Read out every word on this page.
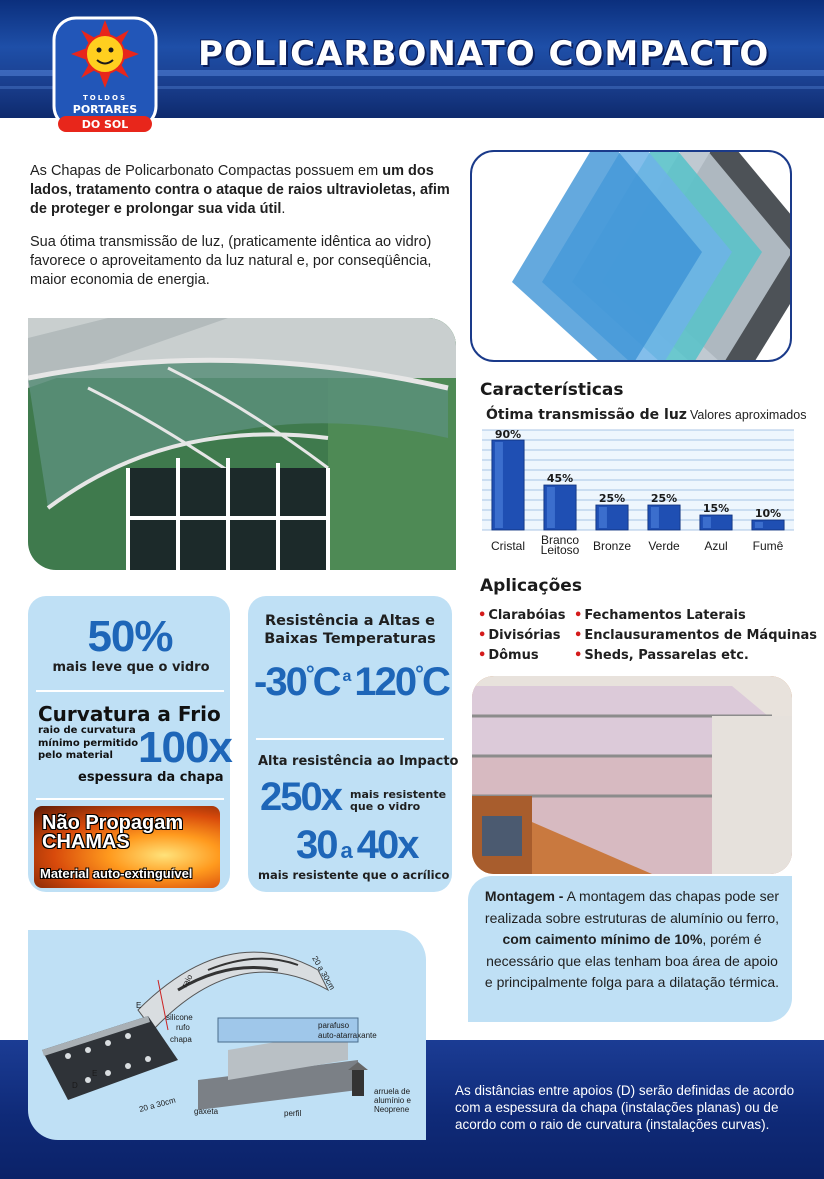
POLICARBONATO COMPACTO
TOLDOS
PORTARES
DO SOL

As Chapas de Policarbonato Compactas possuem em um dos lados, tratamento contra o ataque de raios ultravioletas, afim de proteger e prolongar sua vida útil.

Sua ótima transmissão de luz, (praticamente idêntica ao vidro) favorece o aproveitamento da luz natural e, por conseqüência, maior economia de energia.

Características
Ótima transmissão de luz Valores aproximados
90%
Cristal
45%
Branco
Leitoso
25%
Bronze
25%
Verde
15%
Azul
10%
Fumê
Aplicações
• Clarabóias
• Divisórias
• Dômus
• Fechamentos Laterais
• Enclausuramentos de Máquinas
• Sheds, Passarelas etc.
50%
mais leve que o vidro
Curvatura a Frio
raio de curvatura
mínimo permitido
pelo material 100x
espessura da chapa
Não Propagam
CHAMAS
Material auto-extinguível
Resistência a Altas e Baixas Temperaturas
-30°C $^a$120°C
Alta resistência ao Impacto
250x mais resistente
que o vidro
30 a 40x
mais resistente que o acrílico
As distâncias entre apoios (D) serão definidas de acordo com a espessura da chapa (instalações planas) ou de acordo com o raio de curvatura (instalações curvas).

Montagem - A montagem das chapas pode ser realizada sobre estruturas de alumínio ou ferro, com caimento mínimo de 10%, porém é necessário que elas tenham boa área de apoio e principalmente folga para a dilatação térmica.

E
raio	20 a 30cm
D
E
20 a 30cm
silicone
rufo
chapa
parafuso
auto-atarraxante
gaxeta	perfil
arruela de
alumínio e
Neoprene
